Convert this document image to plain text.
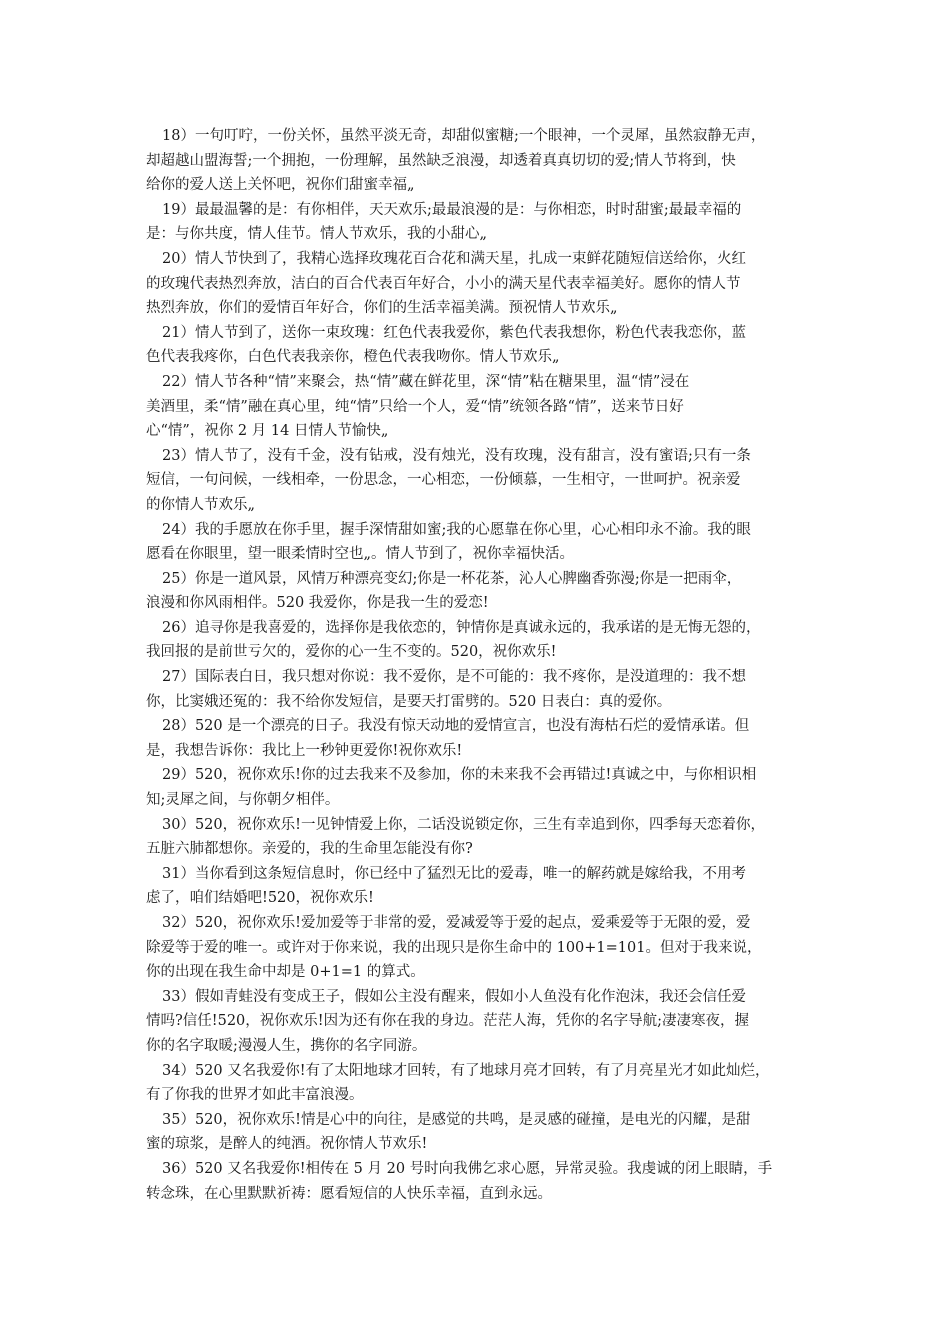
18）一句叮咛，一份关怀，虽然平淡无奇，却甜似蜜糖;一个眼神，一个灵犀，虽然寂静无声，
却超越山盟海誓;一个拥抱，一份理解，虽然缺乏浪漫，却透着真真切切的爱;情人节将到，快
给你的爱人送上关怀吧，祝你们甜蜜幸福„

19）最最温馨的是：有你相伴，天天欢乐;最最浪漫的是：与你相恋，时时甜蜜;最最幸福的
是：与你共度，情人佳节。情人节欢乐，我的小甜心„

20）情人节快到了，我精心选择玫瑰花百合花和满天星，扎成一束鲜花随短信送给你，火红
的玫瑰代表热烈奔放，洁白的百合代表百年好合，小小的满天星代表幸福美好。愿你的情人节
热烈奔放，你们的爱情百年好合，你们的生活幸福美满。预祝情人节欢乐„

21）情人节到了，送你一束玫瑰：红色代表我爱你，紫色代表我想你，粉色代表我恋你，蓝
色代表我疼你，白色代表我亲你，橙色代表我吻你。情人节欢乐„

22）情人节各种“情”来聚会，热“情”藏在鲜花里，深“情”粘在糖果里，温“情”浸在
美酒里，柔“情”融在真心里，纯“情”只给一个人，爱“情”统领各路“情”，送来节日好
心“情”，祝你 2 月 14 日情人节愉快„

23）情人节了，没有千金，没有钻戒，没有烛光，没有玫瑰，没有甜言，没有蜜语;只有一条
短信，一句问候，一线相牵，一份思念，一心相恋，一份倾慕，一生相守，一世呵护。祝亲爱
的你情人节欢乐„

24）我的手愿放在你手里，握手深情甜如蜜;我的心愿靠在你心里，心心相印永不渝。我的眼
愿看在你眼里，望一眼柔情时空也„。情人节到了，祝你幸福快活。

25）你是一道风景，风情万种漂亮变幻;你是一杯花茶，沁人心脾幽香弥漫;你是一把雨伞，
浪漫和你风雨相伴。520 我爱你，你是我一生的爱恋!

26）追寻你是我喜爱的，选择你是我依恋的，钟情你是真诚永远的，我承诺的是无悔无怨的，
我回报的是前世亏欠的，爱你的心一生不变的。520，祝你欢乐!

27）国际表白日，我只想对你说：我不爱你，是不可能的：我不疼你，是没道理的：我不想
你，比窦娥还冤的：我不给你发短信，是要天打雷劈的。520 日表白：真的爱你。

28）520 是一个漂亮的日子。我没有惊天动地的爱情宣言，也没有海枯石烂的爱情承诺。但
是，我想告诉你：我比上一秒钟更爱你!祝你欢乐!

29）520，祝你欢乐!你的过去我来不及参加，你的未来我不会再错过!真诚之中，与你相识相
知;灵犀之间，与你朝夕相伴。

30）520，祝你欢乐!一见钟情爱上你，二话没说锁定你，三生有幸追到你，四季每天恋着你，
五脏六肺都想你。亲爱的，我的生命里怎能没有你?

31）当你看到这条短信息时，你已经中了猛烈无比的爱毒，唯一的解药就是嫁给我，不用考
虑了，咱们结婚吧!520，祝你欢乐!

32）520，祝你欢乐!爱加爱等于非常的爱，爱减爱等于爱的起点，爱乘爱等于无限的爱，爱
除爱等于爱的唯一。或许对于你来说，我的出现只是你生命中的 100+1=101。但对于我来说，
你的出现在我生命中却是 0+1=1 的算式。

33）假如青蛙没有变成王子，假如公主没有醒来，假如小人鱼没有化作泡沫，我还会信任爱
情吗?信任!520，祝你欢乐!因为还有你在我的身边。茫茫人海，凭你的名字导航;凄凄寒夜，握
你的名字取暖;漫漫人生，携你的名字同游。

34）520 又名我爱你!有了太阳地球才回转，有了地球月亮才回转，有了月亮星光才如此灿烂，
有了你我的世界才如此丰富浪漫。

35）520，祝你欢乐!情是心中的向往，是感觉的共鸣，是灵感的碰撞，是电光的闪耀，是甜
蜜的琼浆，是醉人的纯酒。祝你情人节欢乐!

36）520 又名我爱你!相传在 5 月 20 号时向我佛乞求心愿，异常灵验。我虔诚的闭上眼睛，手
转念珠，在心里默默祈祷：愿看短信的人快乐幸福，直到永远。
